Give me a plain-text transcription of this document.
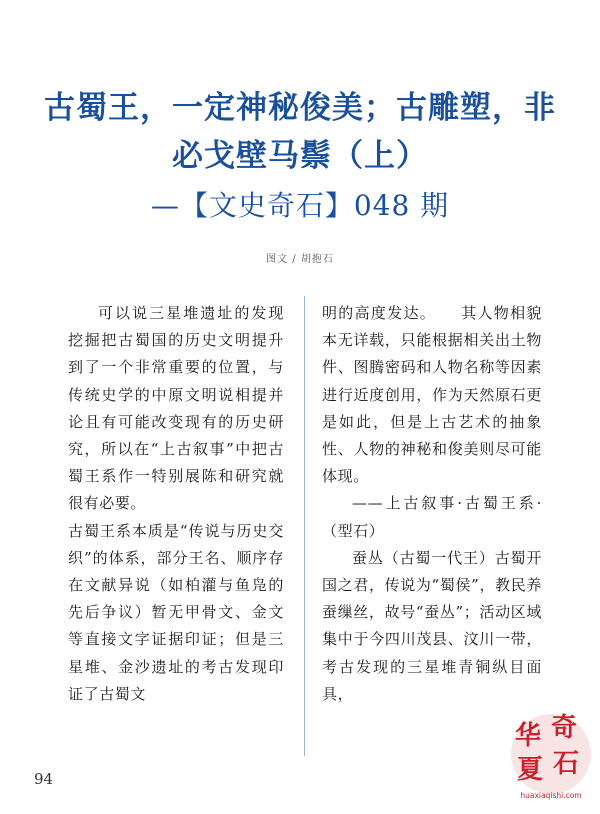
古蜀王，一定神秘俊美；古雕塑，非
必戈壁马鬃（上）
—【文史奇石】048 期
图文 / 胡抱石

可以说三星堆遗址的发现挖掘把古蜀国的历史文明提升到了一个非常重要的位置，与传统史学的中原文明说相提并论且有可能改变现有的历史研究，所以在“上古叙事”中把古蜀王系作一特别展陈和研究就很有必要。

古蜀王系本质是“传说与历史交织”的体系，部分王名、顺序存在文献异说（如柏灌与鱼凫的先后争议）暂无甲骨文、金文等直接文字证据印证；但是三星堆、金沙遗址的考古发现印证了古蜀文

明的高度发达。　　其人物相貌本无详载，只能根据相关出土物件、图腾密码和人物名称等因素进行近度创用，作为天然原石更是如此，但是上古艺术的抽象性、人物的神秘和俊美则尽可能体现。

——上古叙事·古蜀王系·（型石）

蚕丛（古蜀一代王）古蜀开国之君，传说为“蜀侯”，教民养蚕缫丝，故号“蚕丛”；活动区域集中于今四川茂县、汶川一带，考古发现的三星堆青铜纵目面具，

94
华 奇
夏 石
huaxiaqishi.com
